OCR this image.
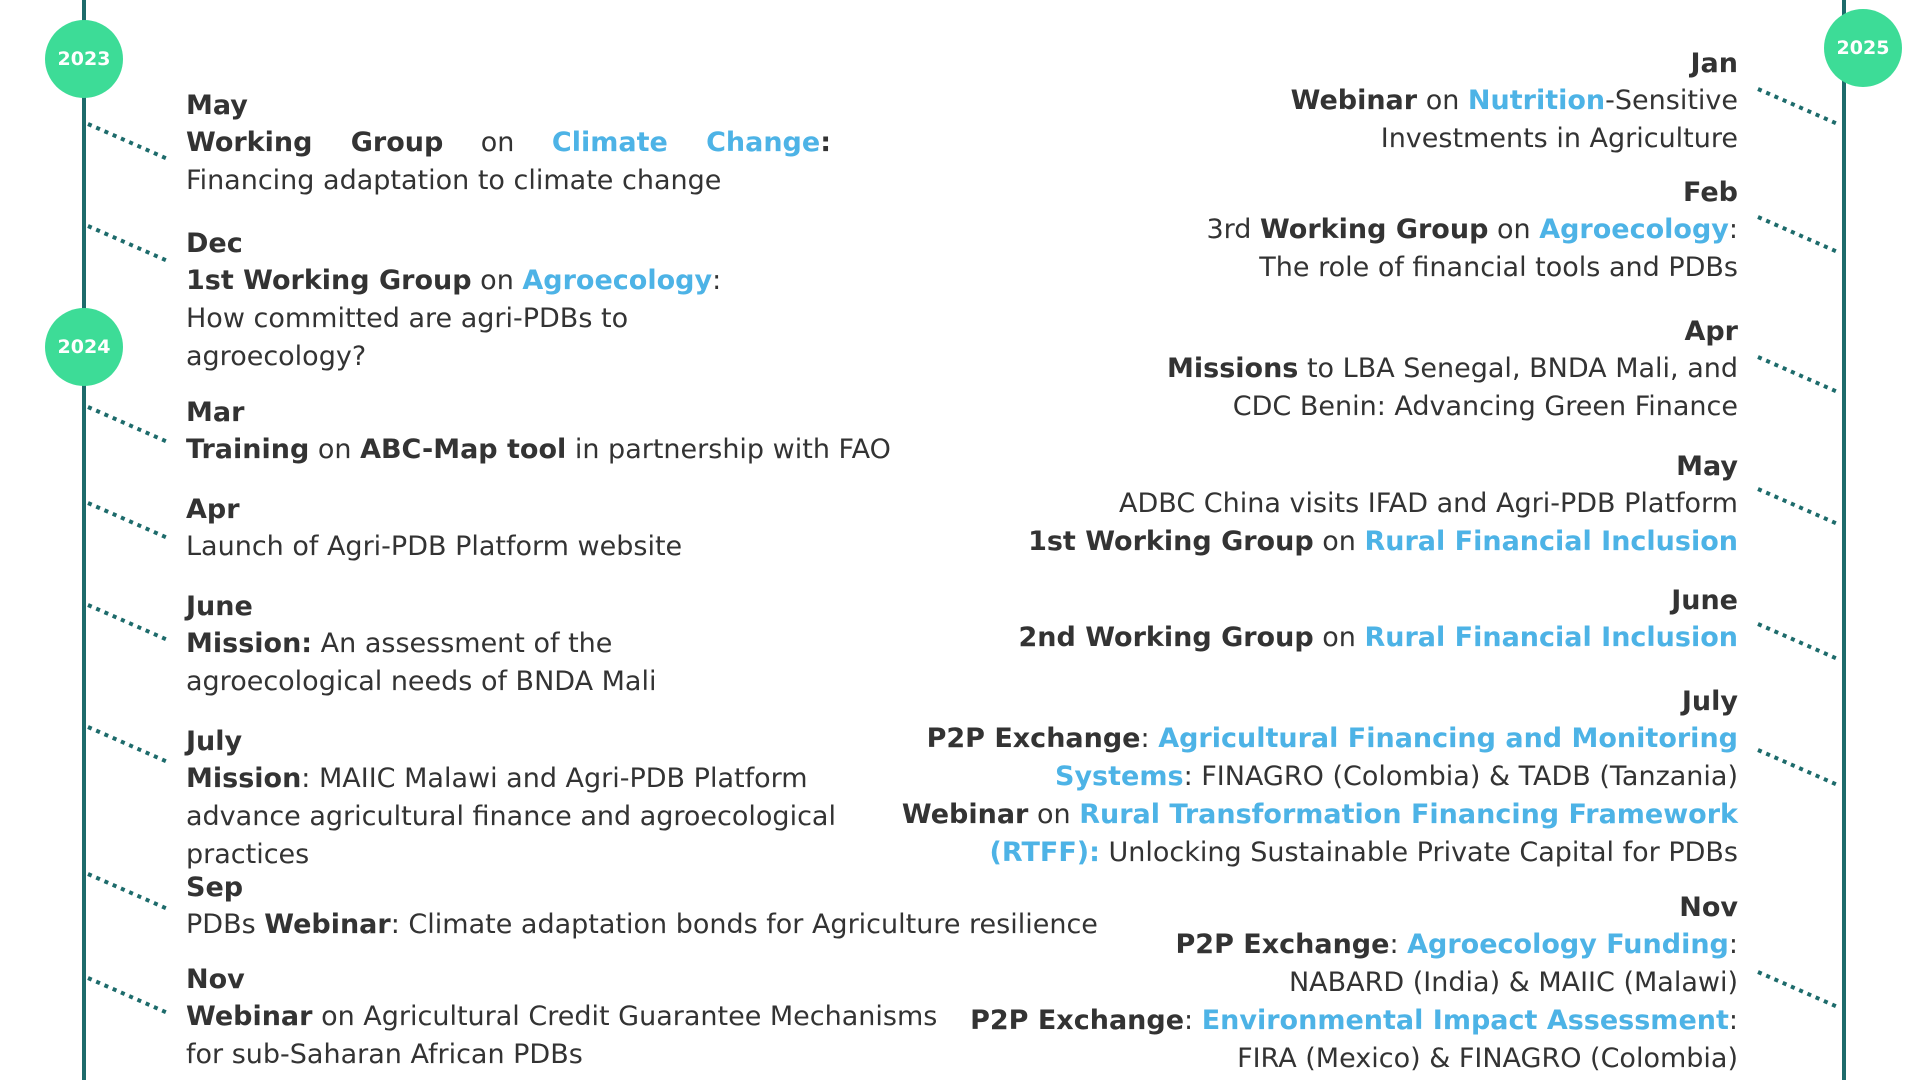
2023
2024
2025
May

Working Group on Climate Change: Financing adaptation to climate change

Dec

1st Working Group on Agroecology: How committed are agri-PDBs to agroecology?

Mar

Training on ABC-Map tool in partnership with FAO

Apr

Launch of Agri-PDB Platform website

June

Mission: An assessment of the agroecological needs of BNDA Mali

July

Mission: MAIIC Malawi and Agri-PDB Platform advance agricultural finance and agroecological practices

Sep

PDBs Webinar: Climate adaptation bonds for Agriculture resilience

Nov

Webinar on Agricultural Credit Guarantee Mechanisms for sub-Saharan African PDBs

Jan
Webinar on Nutrition-Sensitive
Investments in Agriculture
Feb
3rd Working Group on Agroecology:
The role of financial tools and PDBs
Apr
Missions to LBA Senegal, BNDA Mali, and
CDC Benin: Advancing Green Finance
May
ADBC China visits IFAD and Agri-PDB Platform
1st Working Group on Rural Financial Inclusion
June
2nd Working Group on Rural Financial Inclusion
July
P2P Exchange: Agricultural Financing and Monitoring
Systems: FINAGRO (Colombia) & TADB (Tanzania)
Webinar on Rural Transformation Financing Framework
(RTFF): Unlocking Sustainable Private Capital for PDBs
Nov
P2P Exchange: Agroecology Funding:
NABARD (India) & MAIIC (Malawi)
P2P Exchange: Environmental Impact Assessment:
FIRA (Mexico) & FINAGRO (Colombia)
